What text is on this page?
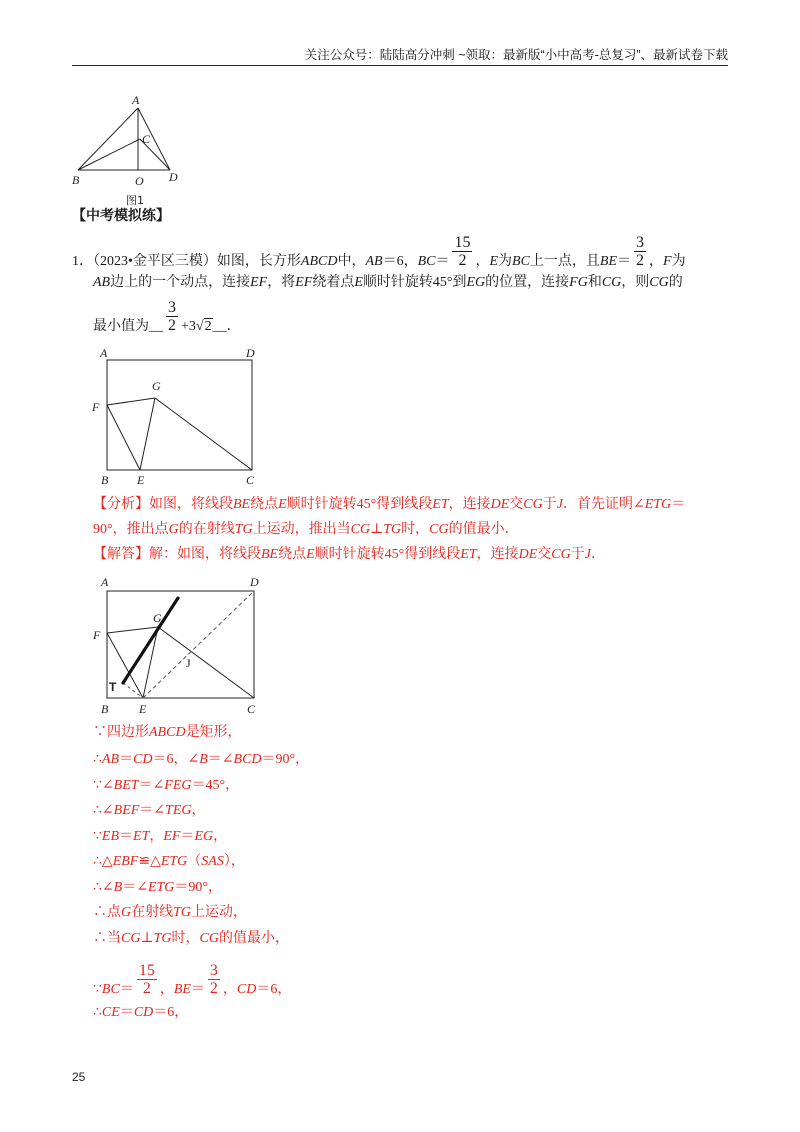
关注公众号：陆陆高分冲刺 ~领取：最新版“小中高考-总复习”、最新试卷下载
A
C
B	O D
图1
【中考模拟练】
1．（2023•金平区三模）如图，长方形ABCD中，AB＝6，$BC= \frac{15}{2}$ ，E为BC上一点，且$BE= \frac{3}{2}$ ，F为
AB边上的一个动点，连接EF，将EF绕着点E顺时针旋转45°到EG的位置，连接FG和CG，则CG的
最小值为__ $\frac{3}{2}$ +3√2__．
A	D
F
G
B E	C
【分析】如图，将线段BE绕点E顺时针旋转45°得到线段ET，连接DE交CG于J．首先证明∠ETG＝
90°，推出点G的在射线TG上运动，推出当CG⊥TG时，CG的值最小．
【解答】解：如图，将线段BE绕点E顺时针旋转45°得到线段ET，连接DE交CG于J．
A	D
F
G
T
J
B	E	C
∵四边形ABCD是矩形，
∴AB＝CD＝6，∠B＝∠BCD＝90°，
∵∠BET＝∠FEG＝45°，
∴∠BEF＝∠TEG，
∵EB＝ET，EF＝EG，
∴△EBF≌△ETG（SAS），
∴∠B＝∠ETG＝90°，
∴点G在射线TG上运动，
∴当CG⊥TG时，CG的值最小，
∵BC＝ $\frac{15}{2}$ ，$BE= \frac{3}{2}$ ，CD＝6，
∴CE＝CD＝6，
25
